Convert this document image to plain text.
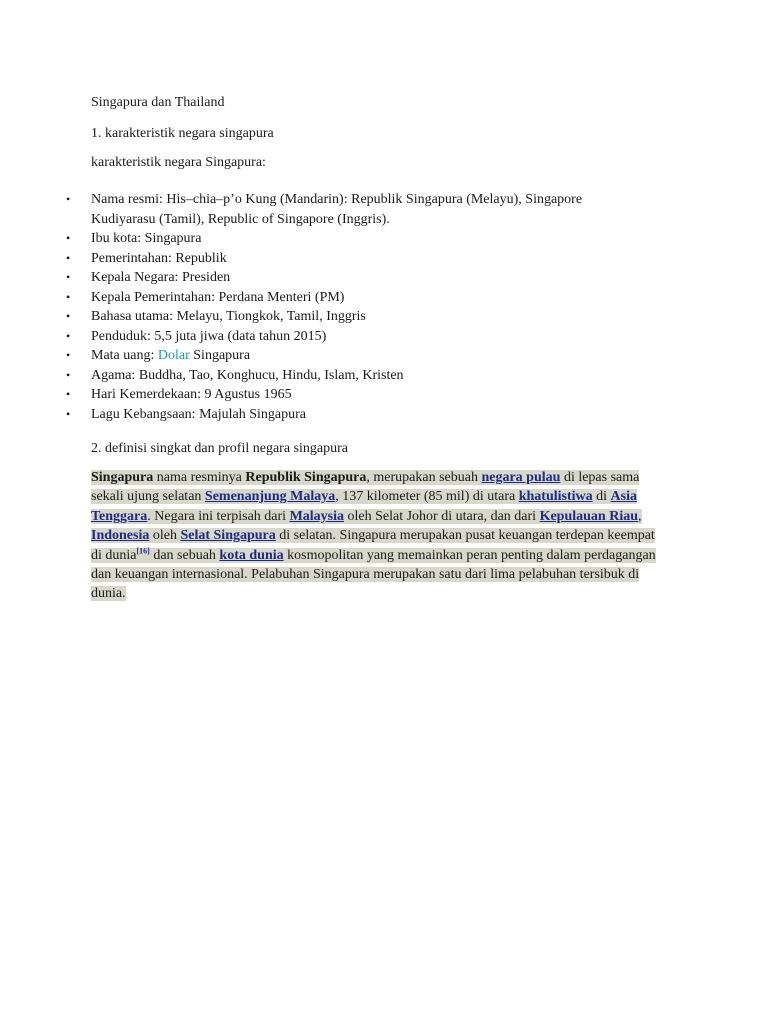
Singapura dan Thailand

1. karakteristik negara singapura

karakteristik negara Singapura:

• Nama resmi: His–chia–p’o Kung (Mandarin): Republik Singapura (Melayu), Singapore
Kudiyarasu (Tamil), Republic of Singapore (Inggris).
• Ibu kota: Singapura
• Pemerintahan: Republik
• Kepala Negara: Presiden
• Kepala Pemerintahan: Perdana Menteri (PM)
• Bahasa utama: Melayu, Tiongkok, Tamil, Inggris
• Penduduk: 5,5 juta jiwa (data tahun 2015)
• Mata uang: Dolar Singapura
• Agama: Buddha, Tao, Konghucu, Hindu, Islam, Kristen
• Hari Kemerdekaan: 9 Agustus 1965
• Lagu Kebangsaan: Majulah Singapura

2. definisi singkat dan profil negara singapura

Singapura nama resminya Republik Singapura, merupakan sebuah negara pulau di lepas sama sekali ujung selatan Semenanjung Malaya, 137 kilometer (85 mil) di utara khatulistiwa di Asia Tenggara. Negara ini terpisah dari Malaysia oleh Selat Johor di utara, dan dari Kepulauan Riau, Indonesia oleh Selat Singapura di selatan. Singapura merupakan pusat keuangan terdepan keempat di dunia[16] dan sebuah kota dunia kosmopolitan yang memainkan peran penting dalam perdagangan dan keuangan internasional. Pelabuhan Singapura merupakan satu dari lima pelabuhan tersibuk di dunia.
